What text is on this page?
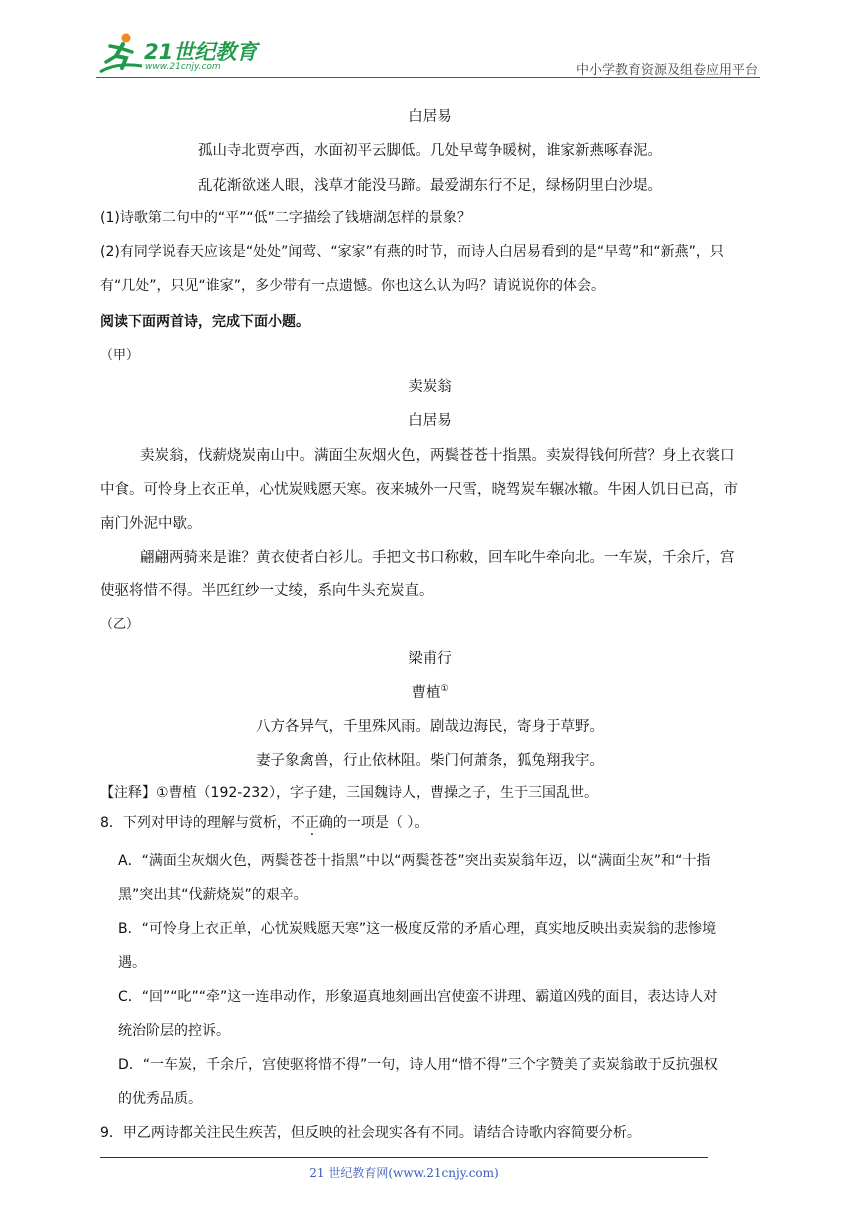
21世纪教育
www.21cnjy.com	中小学教育资源及组卷应用平台
白居易
孤山寺北贾亭西，水面初平云脚低。几处早莺争暖树，谁家新燕啄春泥。
乱花渐欲迷人眼，浅草才能没马蹄。最爱湖东行不足，绿杨阴里白沙堤。
(1)诗歌第二句中的“平”“低”二字描绘了钱塘湖怎样的景象？
(2)有同学说春天应该是“处处”闻莺、“家家”有燕的时节，而诗人白居易看到的是“早莺”和“新燕”，只
有“几处”，只见“谁家”，多少带有一点遗憾。你也这么认为吗？请说说你的体会。
阅读下面两首诗，完成下面小题。
（甲）
卖炭翁
白居易
卖炭翁，伐薪烧炭南山中。满面尘灰烟火色，两鬓苍苍十指黑。卖炭得钱何所营？身上衣裳口
中食。可怜身上衣正单，心忧炭贱愿天寒。夜来城外一尺雪，晓驾炭车辗冰辙。牛困人饥日已高，市
南门外泥中歇。
翩翩两骑来是谁？黄衣使者白衫儿。手把文书口称敕，回车叱牛牵向北。一车炭，千余斤，宫
使驱将惜不得。半匹红纱一丈绫，系向牛头充炭直。
（乙）
梁甫行
曹植①
八方各异气，千里殊风雨。剧哉边海民，寄身于草野。
妻子象禽兽，行止依林阻。柴门何萧条，狐兔翔我宇。
【注释】①曹植（192-232），字子建，三国魏诗人，曹操之子，生于三国乱世。
8．下列对甲诗的理解与赏析，不正确的一项是（ ）。
A．“满面尘灰烟火色，两鬓苍苍十指黑”中以“两鬓苍苍”突出卖炭翁年迈，以“满面尘灰”和“十指
黑”突出其“伐薪烧炭”的艰辛。
B．“可怜身上衣正单，心忧炭贱愿天寒”这一极度反常的矛盾心理，真实地反映出卖炭翁的悲惨境
遇。
C．“回”“叱”“牵”这一连串动作，形象逼真地刻画出宫使蛮不讲理、霸道凶残的面目，表达诗人对
统治阶层的控诉。
D．“一车炭，千余斤，宫使驱将惜不得”一句，诗人用“惜不得”三个字赞美了卖炭翁敢于反抗强权
的优秀品质。
9．甲乙两诗都关注民生疾苦，但反映的社会现实各有不同。请结合诗歌内容简要分析。
21 世纪教育网(www.21cnjy.com)
